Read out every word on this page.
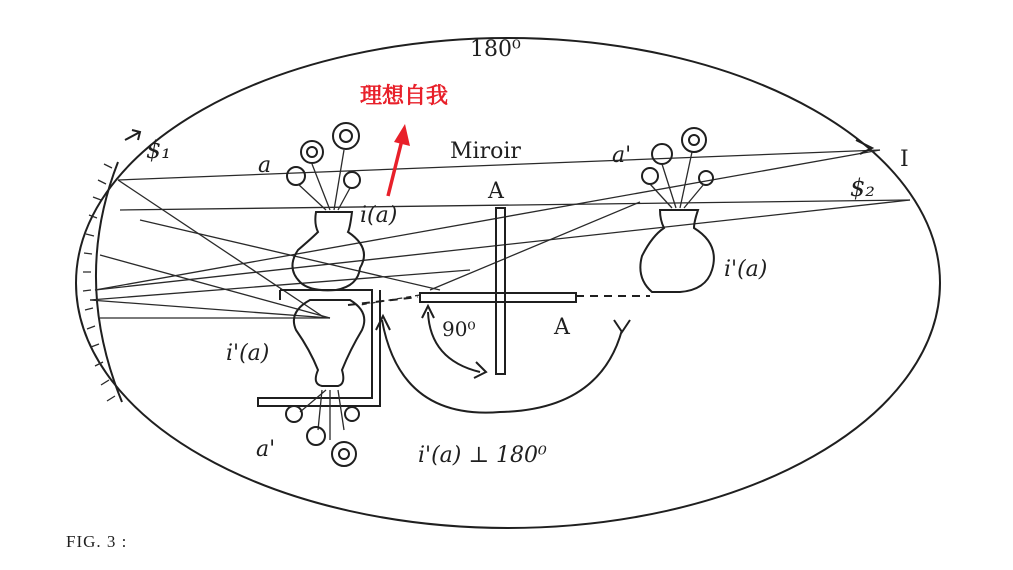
180⁰
理想自我
Miroir
A
A
$₁
$₂
I
a
i(a)
a'
i'(a)
i'(a)
a'
90⁰
i'(a) ⊥ 180⁰
FIG. 3 :
